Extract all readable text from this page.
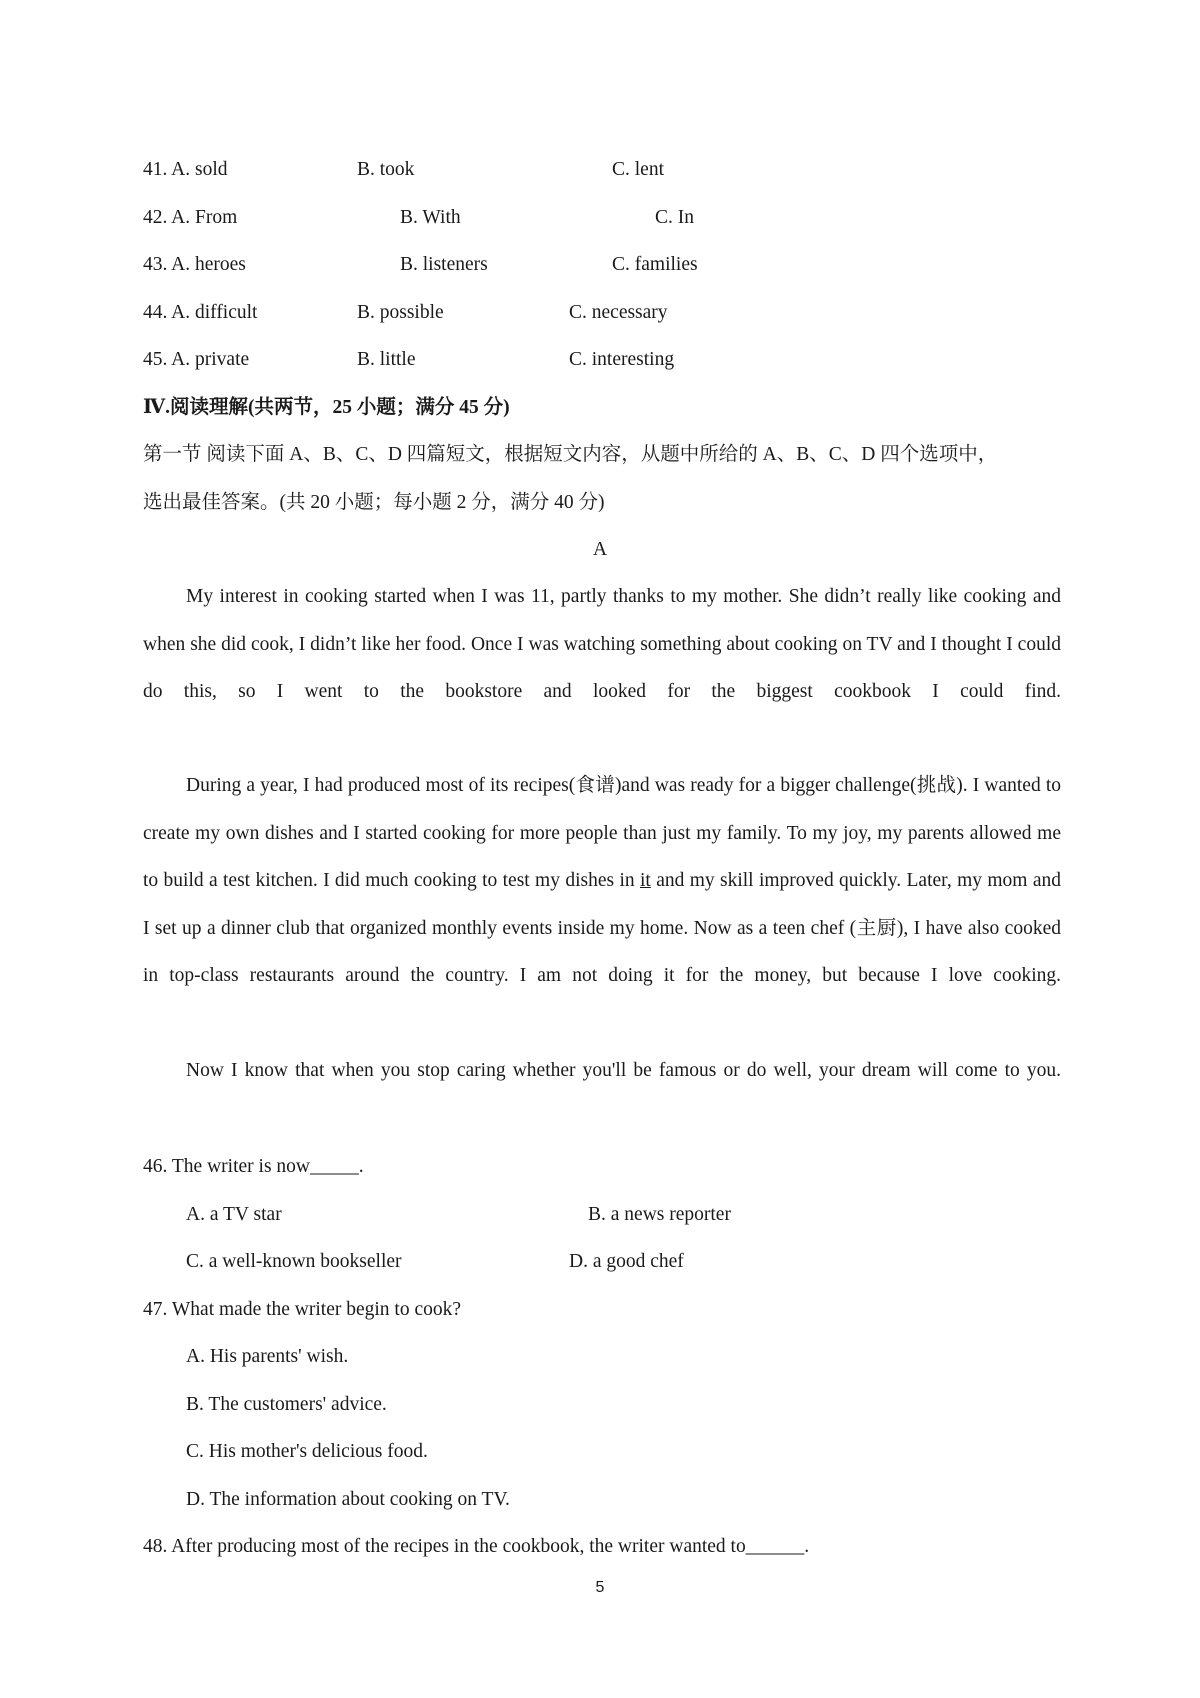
41. A. sold	B. took	C. lent
42. A. From	B. With	C. In
43. A. heroes	B. listeners	C. families
44. A. difficult	B. possible	C. necessary
45. A. private	B. little	C. interesting
Ⅳ.阅读理解(共两节，25 小题；满分 45 分)
第一节 阅读下面 A、B、C、D 四篇短文，根据短文内容，从题中所给的 A、B、C、D 四个选项中，
选出最佳答案。(共 20 小题；每小题 2 分，满分 40 分)
A
My interest in cooking started when I was 11, partly thanks to my mother. She didn’t really like cooking and when she did cook, I didn’t like her food. Once I was watching something about cooking on TV and I thought I could do this, so I went to the bookstore and looked for the biggest cookbook I could find.
During a year, I had produced most of its recipes(食谱)and was ready for a bigger challenge(挑战). I wanted to create my own dishes and I started cooking for more people than just my family. To my joy, my parents allowed me to build a test kitchen. I did much cooking to test my dishes in it and my skill improved quickly. Later, my mom and I set up a dinner club that organized monthly events inside my home. Now as a teen chef (主厨), I have also cooked in top-class restaurants around the country. I am not doing it for the money, but because I love cooking.
Now I know that when you stop caring whether you'll be famous or do well, your dream will come to you.
46. The writer is now_____.
A. a TV star	B. a news reporter
C. a well-known bookseller	D. a good chef
47. What made the writer begin to cook?
A. His parents' wish.
B. The customers' advice.
C. His mother's delicious food.
D. The information about cooking on TV.
48. After producing most of the recipes in the cookbook, the writer wanted to______.
5
